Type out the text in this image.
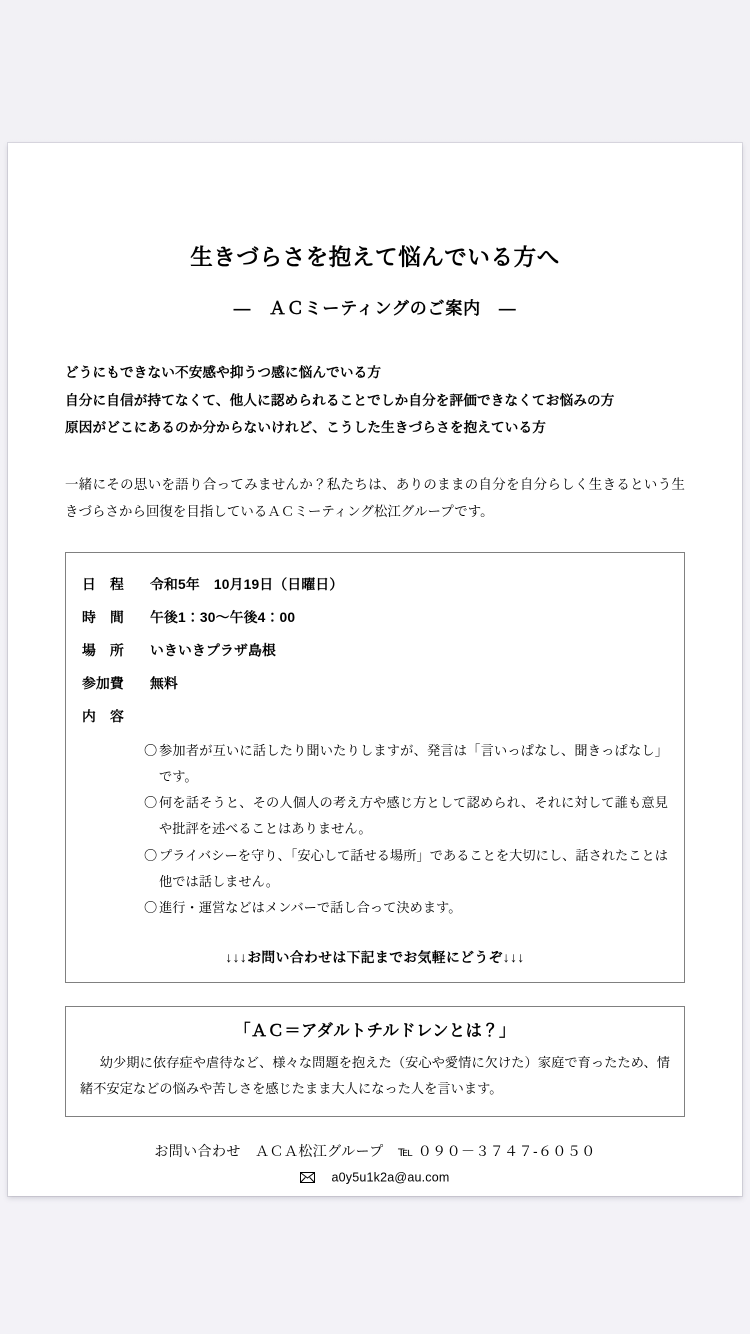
生きづらさを抱えて悩んでいる方へ
―　ＡＣミーティングのご案内　―
どうにもできない不安感や抑うつ感に悩んでいる方
自分に自信が持てなくて、他人に認められることでしか自分を評価できなくてお悩みの方
原因がどこにあるのか分からないけれど、こうした生きづらさを抱えている方

一緒にその思いを語り合ってみませんか？私たちは、ありのままの自分を自分らしく生きるという生きづらさから回復を目指しているＡＣミーティング松江グループです。

日　程	令和5年　10月19日（日曜日）
時　間	午後1：30～午後4：00
場　所	いきいきプラザ島根
参加費	無料
内　容
〇 参加者が互いに話したり聞いたりしますが、発言は「言いっぱなし、聞きっぱなし」です。
〇 何を話そうと、その人個人の考え方や感じ方として認められ、それに対して誰も意見や批評を述べることはありません。
〇 プライバシーを守り、「安心して話せる場所」であることを大切にし、話されたことは他では話しません。
〇 進行・運営などはメンバーで話し合って決めます。
↓↓↓お問い合わせは下記までお気軽にどうぞ↓↓↓
「ＡＣ＝アダルトチルドレンとは？」
幼少期に依存症や虐待など、様々な問題を抱えた（安心や愛情に欠けた）家庭で育ったため、情緒不安定などの悩みや苦しさを感じたまま大人になった人を言います。
お問い合わせ　ＡＣＡ松江グループ　℡ ０９０－３７４７-６０５０
a0y5u1k2a@au.com
